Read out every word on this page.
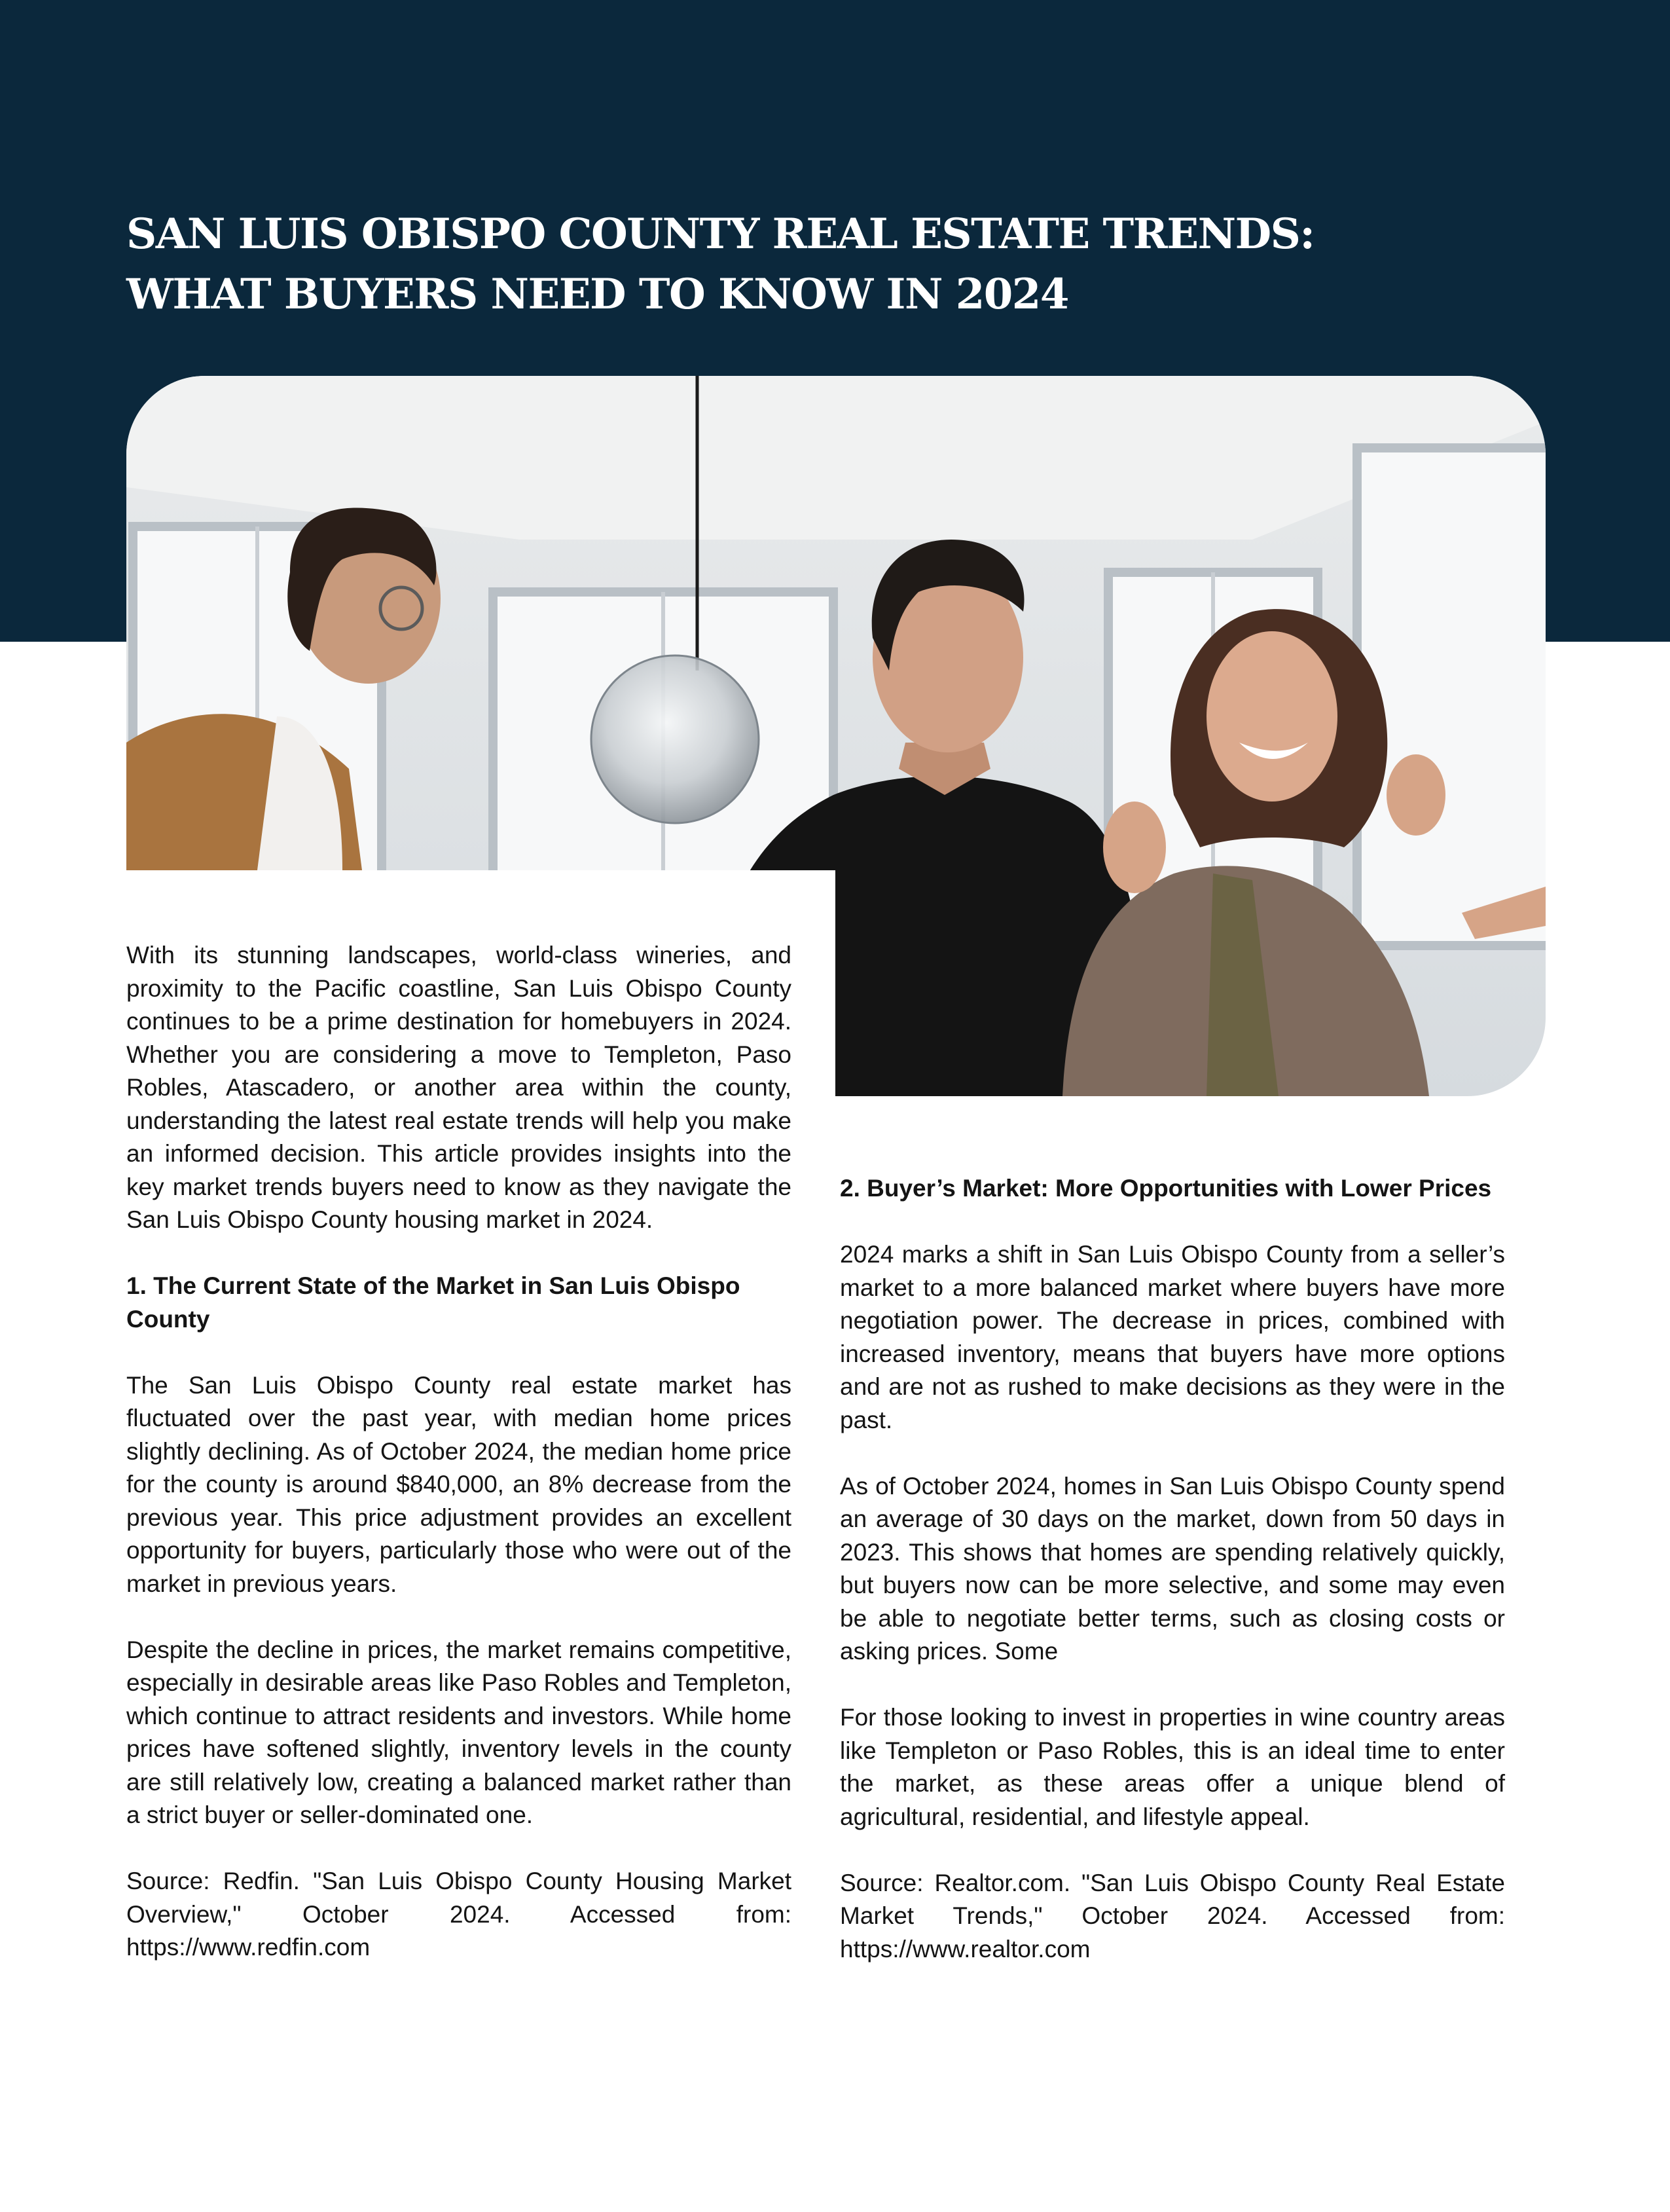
SAN LUIS OBISPO COUNTY REAL ESTATE TRENDS:
WHAT BUYERS NEED TO KNOW IN 2024

With its stunning landscapes, world-class wineries, and proximity to the Pacific coastline, San Luis Obispo County continues to be a prime destination for homebuyers in 2024. Whether you are considering a move to Templeton, Paso Robles, Atascadero, or another area within the county, understanding the latest real estate trends will help you make an informed decision. This article provides insights into the key market trends buyers need to know as they navigate the San Luis Obispo County housing market in 2024.

1. The Current State of the Market in San Luis Obispo County

The San Luis Obispo County real estate market has fluctuated over the past year, with median home prices slightly declining. As of October 2024, the median home price for the county is around $840,000, an 8% decrease from the previous year. This price adjustment provides an excellent opportunity for buyers, particularly those who were out of the market in previous years.

Despite the decline in prices, the market remains competitive, especially in desirable areas like Paso Robles and Templeton, which continue to attract residents and investors. While home prices have softened slightly, inventory levels in the county are still relatively low, creating a balanced market rather than a strict buyer or seller-dominated one.

Source: Redfin. "San Luis Obispo County Housing Market Overview," October 2024. Accessed from: https://www.redfin.com

2. Buyer’s Market: More Opportunities with Lower Prices

2024 marks a shift in San Luis Obispo County from a seller’s market to a more balanced market where buyers have more negotiation power. The decrease in prices, combined with increased inventory, means that buyers have more options and are not as rushed to make decisions as they were in the past.

As of October 2024, homes in San Luis Obispo County spend an average of 30 days on the market, down from 50 days in 2023. This shows that homes are spending relatively quickly, but buyers now can be more selective, and some may even be able to negotiate better terms, such as closing costs or asking prices. Some

For those looking to invest in properties in wine country areas like Templeton or Paso Robles, this is an ideal time to enter the market, as these areas offer a unique blend of agricultural, residential, and lifestyle appeal.

Source: Realtor.com. "San Luis Obispo County Real Estate Market Trends," October 2024. Accessed from: https://www.realtor.com
